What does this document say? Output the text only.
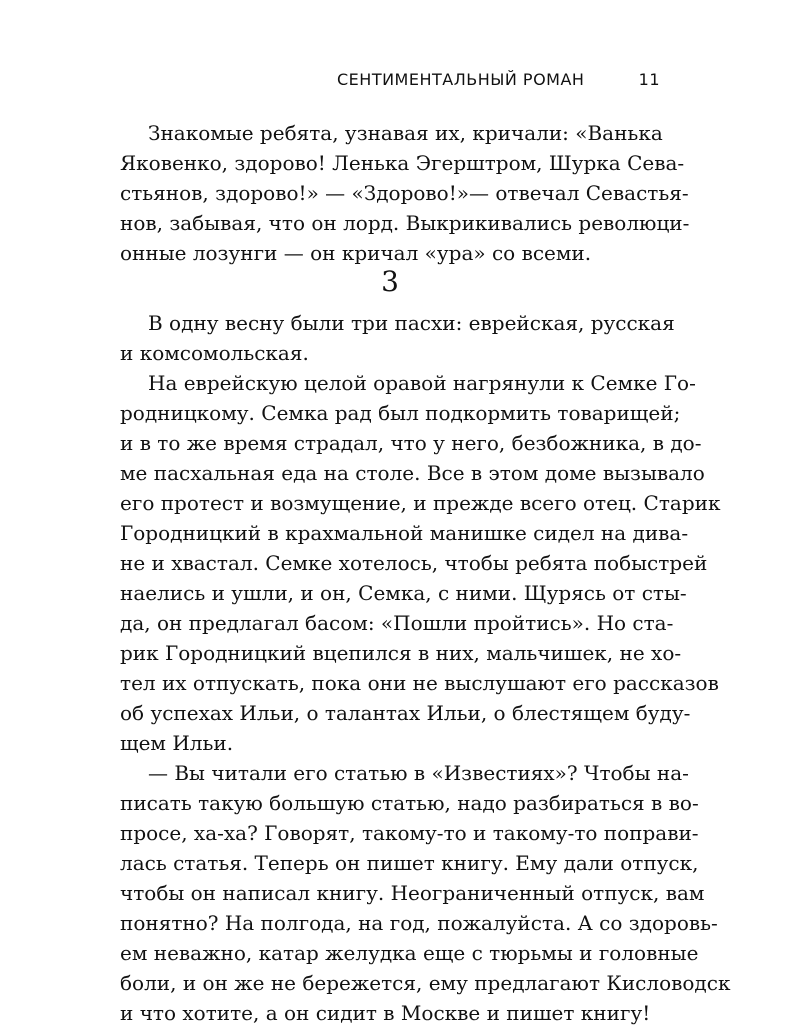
СЕНТИМЕНТАЛЬНЫЙ РОМАН	11
Знакомые ребята, узнавая их, кричали: «Ванька
Яковенко, здорово! Ленька Эгерштром, Шурка Сева-
стьянов, здорово!» — «Здорово!»— отвечал Севастья-
нов, забывая, что он лорд. Выкрикивались революци-
онные лозунги — он кричал «ура» со всеми.
3
В одну весну были три пасхи: еврейская, русская
и комсомольская.
На еврейскую целой оравой нагрянули к Семке Го-
родницкому. Семка рад был подкормить товарищей;
и в то же время страдал, что у него, безбожника, в до-
ме пасхальная еда на столе. Все в этом доме вызывало
его протест и возмущение, и прежде всего отец. Старик
Городницкий в крахмальной манишке сидел на дива-
не и хвастал. Семке хотелось, чтобы ребята побыстрей
наелись и ушли, и он, Семка, с ними. Щурясь от сты-
да, он предлагал басом: «Пошли пройтись». Но ста-
рик Городницкий вцепился в них, мальчишек, не хо-
тел их отпускать, пока они не выслушают его рассказов
об успехах Ильи, о талантах Ильи, о блестящем буду-
щем Ильи.
— Вы читали его статью в «Известиях»? Чтобы на-
писать такую большую статью, надо разбираться в во-
просе, ха-ха? Говорят, такому-то и такому-то поправи-
лась статья. Теперь он пишет книгу. Ему дали отпуск,
чтобы он написал книгу. Неограниченный отпуск, вам
понятно? На полгода, на год, пожалуйста. А со здоровь-
ем неважно, катар желудка еще с тюрьмы и головные
боли, и он же не бережется, ему предлагают Кисловодск
и что хотите, а он сидит в Москве и пишет книгу!
